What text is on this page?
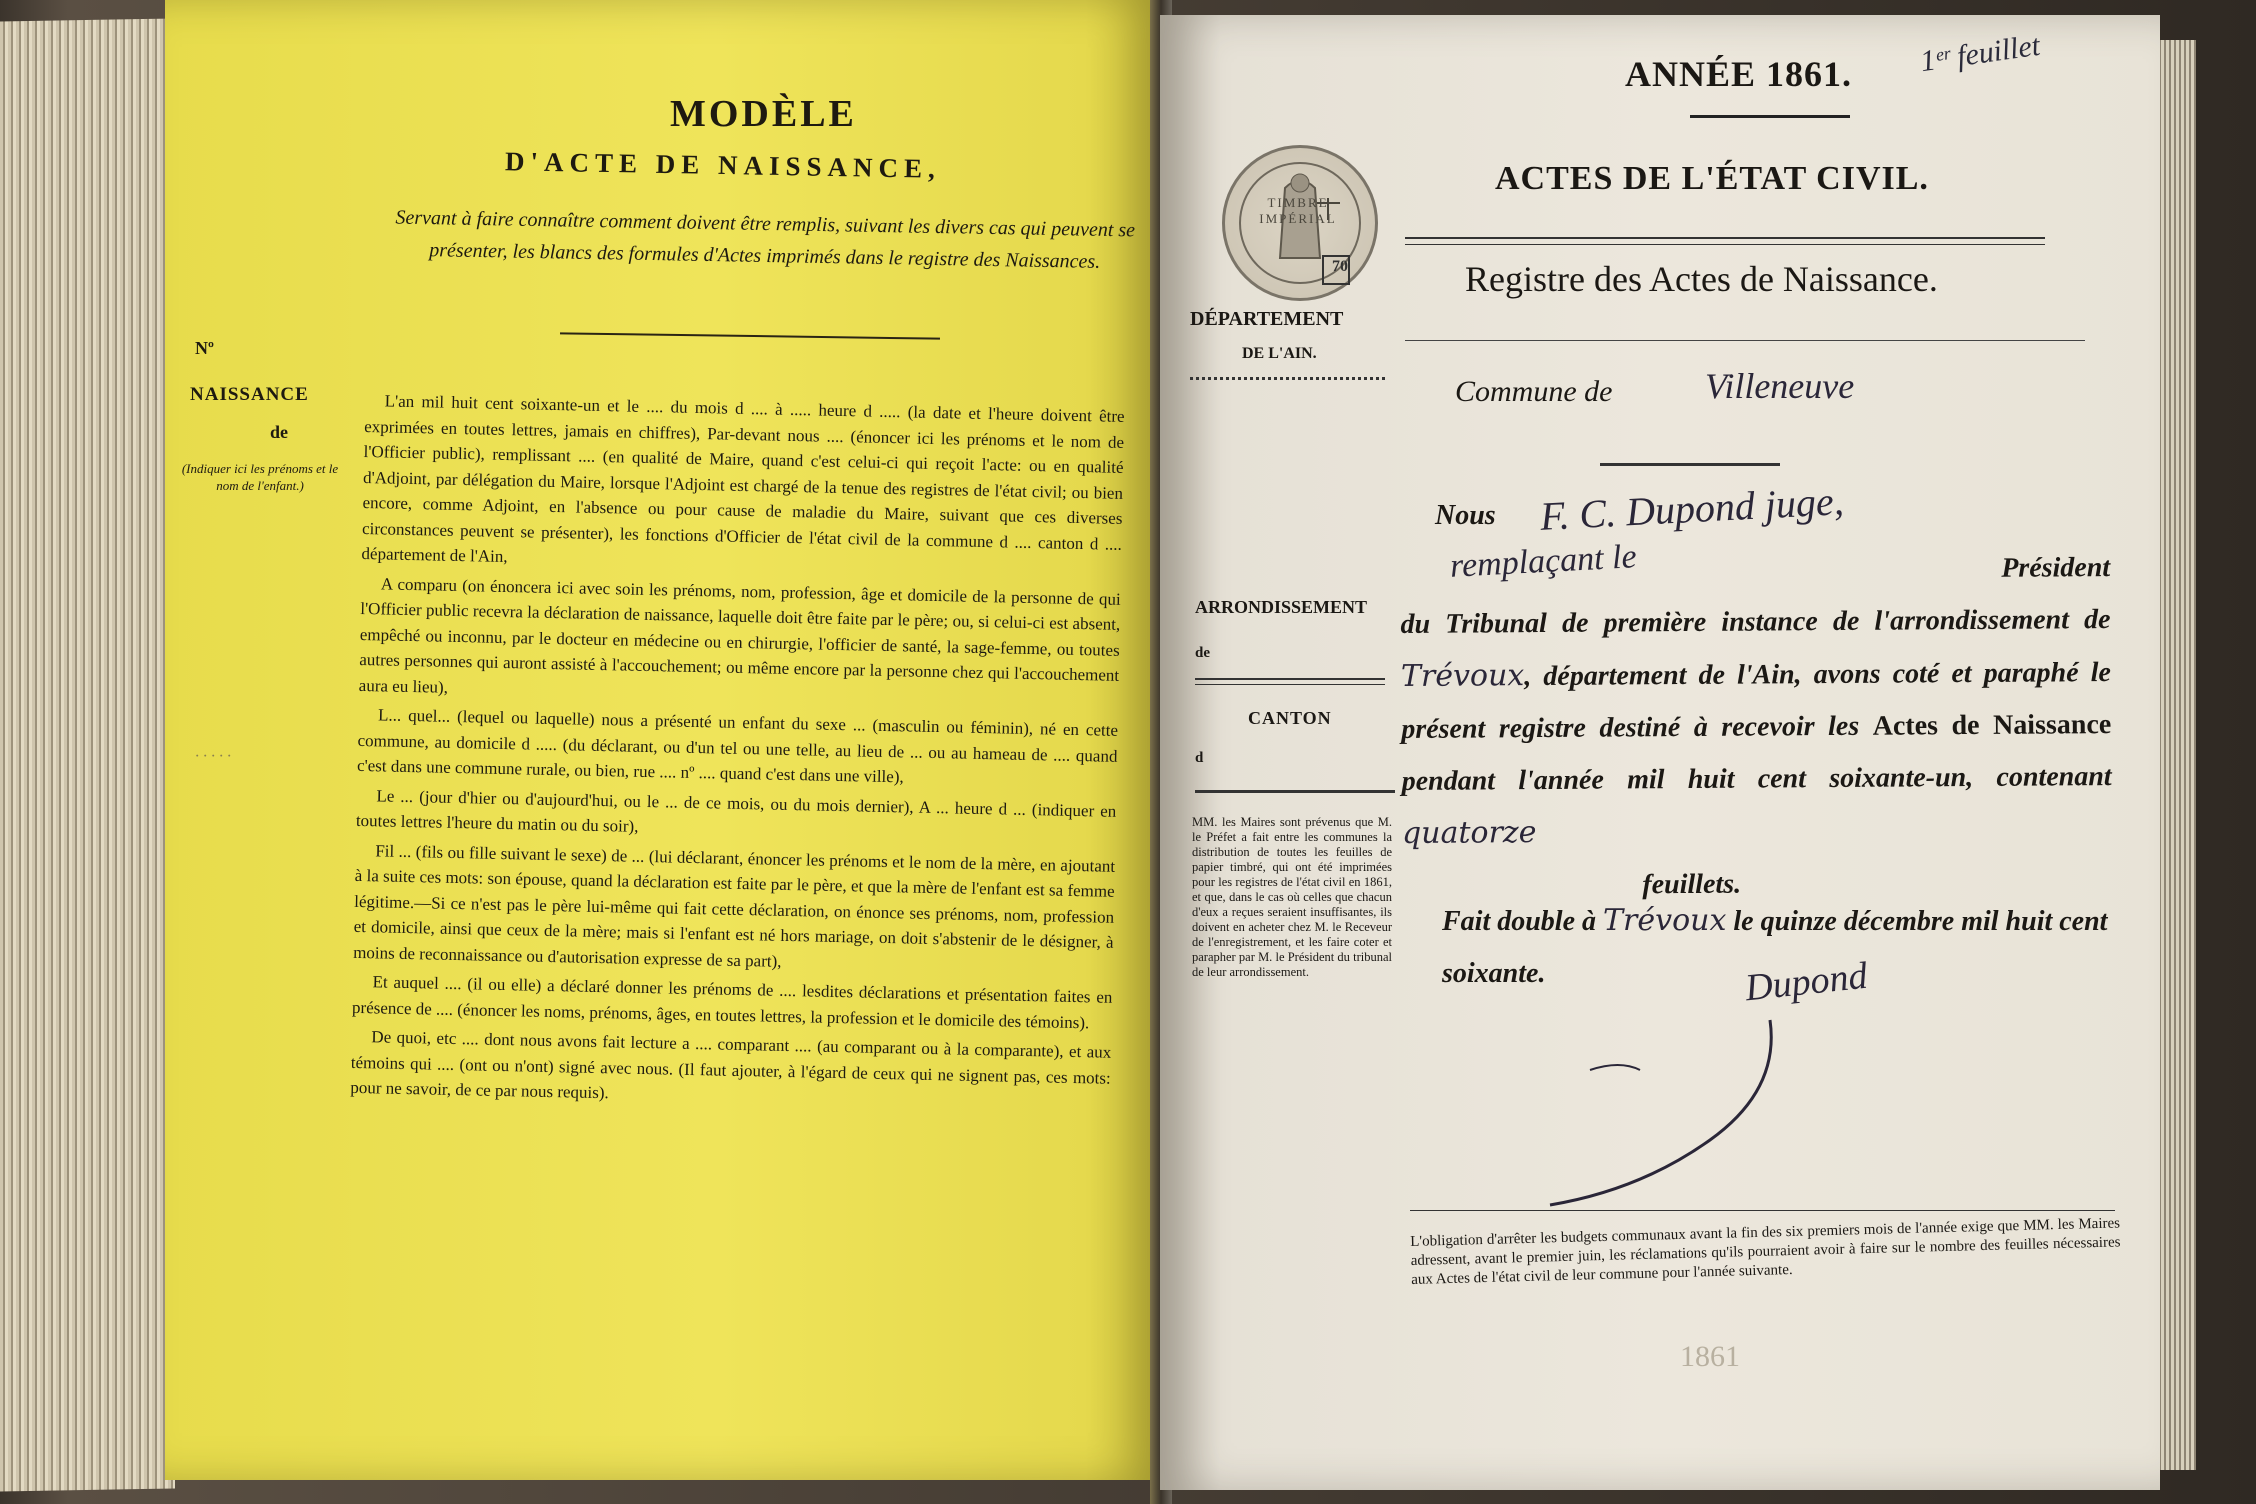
MODÈLE
D'ACTE DE NAISSANCE,
Servant à faire connaître comment doivent être remplis, suivant les divers cas qui peuvent se présenter, les blancs des formules d'Actes imprimés dans le registre des Naissances.
Nº
NAISSANCE
de
(Indiquer ici les prénoms et le nom de l'enfant.)
· · · · ·

L'an mil huit cent soixante-un et le .... du mois d .... à ..... heure d ..... (la date et l'heure doivent être exprimées en toutes lettres, jamais en chiffres), Par-devant nous .... (énoncer ici les prénoms et le nom de l'Officier public), remplissant .... (en qualité de Maire, quand c'est celui-ci qui reçoit l'acte: ou en qualité d'Adjoint, par délégation du Maire, lorsque l'Adjoint est chargé de la tenue des registres de l'état civil; ou bien encore, comme Adjoint, en l'absence ou pour cause de maladie du Maire, suivant que ces diverses circonstances peuvent se présenter), les fonctions d'Officier de l'état civil de la commune d .... canton d .... département de l'Ain,

A comparu (on énoncera ici avec soin les prénoms, nom, profession, âge et domicile de la personne de qui l'Officier public recevra la déclaration de naissance, laquelle doit être faite par le père; ou, si celui-ci est absent, empêché ou inconnu, par le docteur en médecine ou en chirurgie, l'officier de santé, la sage-femme, ou toutes autres personnes qui auront assisté à l'accouchement; ou même encore par la personne chez qui l'accouchement aura eu lieu),

L... quel... (lequel ou laquelle) nous a présenté un enfant du sexe ... (masculin ou féminin), né en cette commune, au domicile d ..... (du déclarant, ou d'un tel ou une telle, au lieu de ... ou au hameau de .... quand c'est dans une commune rurale, ou bien, rue .... nº .... quand c'est dans une ville),

Le ... (jour d'hier ou d'aujourd'hui, ou le ... de ce mois, ou du mois dernier), A ... heure d ... (indiquer en toutes lettres l'heure du matin ou du soir),

Fil ... (fils ou fille suivant le sexe) de ... (lui déclarant, énoncer les prénoms et le nom de la mère, en ajoutant à la suite ces mots: son épouse, quand la déclaration est faite par le père, et que la mère de l'enfant est sa femme légitime.—Si ce n'est pas le père lui-même qui fait cette déclaration, on énonce ses prénoms, nom, profession et domicile, ainsi que ceux de la mère; mais si l'enfant est né hors mariage, on doit s'abstenir de le désigner, à moins de reconnaissance ou d'autorisation expresse de sa part),

Et auquel .... (il ou elle) a déclaré donner les prénoms de .... lesdites déclarations et présentation faites en présence de .... (énoncer les noms, prénoms, âges, en toutes lettres, la profession et le domicile des témoins).

De quoi, etc .... dont nous avons fait lecture a .... comparant .... (au comparant ou à la comparante), et aux témoins qui .... (ont ou n'ont) signé avec nous. (Il faut ajouter, à l'égard de ceux qui ne signent pas, ces mots: pour ne savoir, de ce par nous requis).

ANNÉE 1861. 1ᵉʳ feuillet
TIMBRE IMPÉRIAL
70
ACTES DE L'ÉTAT CIVIL.
Registre des Actes de Naissance.
DÉPARTEMENT
DE L'AIN.
Commune de	Villeneuve
ARRONDISSEMENT
de
CANTON
d
MM. les Maires sont prévenus que M. le Préfet a fait entre les communes la distribution de toutes les feuilles de papier timbré, qui ont été imprimées pour les registres de l'état civil en 1861, et que, dans le cas où celles que chacun d'eux a reçues seraient insuffisantes, ils doivent en acheter chez M. le Receveur de l'enregistrement, et les faire coter et parapher par M. le Président du tribunal de leur arrondissement.
Nous F. C. Dupond juge,
remplaçant le	Président
du Tribunal de première instance de l'arrondissement de Trévoux, département de l'Ain, avons coté et paraphé le présent registre destiné à recevoir les Actes de Naissance pendant l'année mil huit cent soixante-un, contenant quatorze
feuillets.
Fait double à Trévoux le quinze décembre mil huit cent soixante.	Dupond
L'obligation d'arrêter les budgets communaux avant la fin des six premiers mois de l'année exige que MM. les Maires adressent, avant le premier juin, les réclamations qu'ils pourraient avoir à faire sur le nombre des feuilles nécessaires aux Actes de l'état civil de leur commune pour l'année suivante.
1861
